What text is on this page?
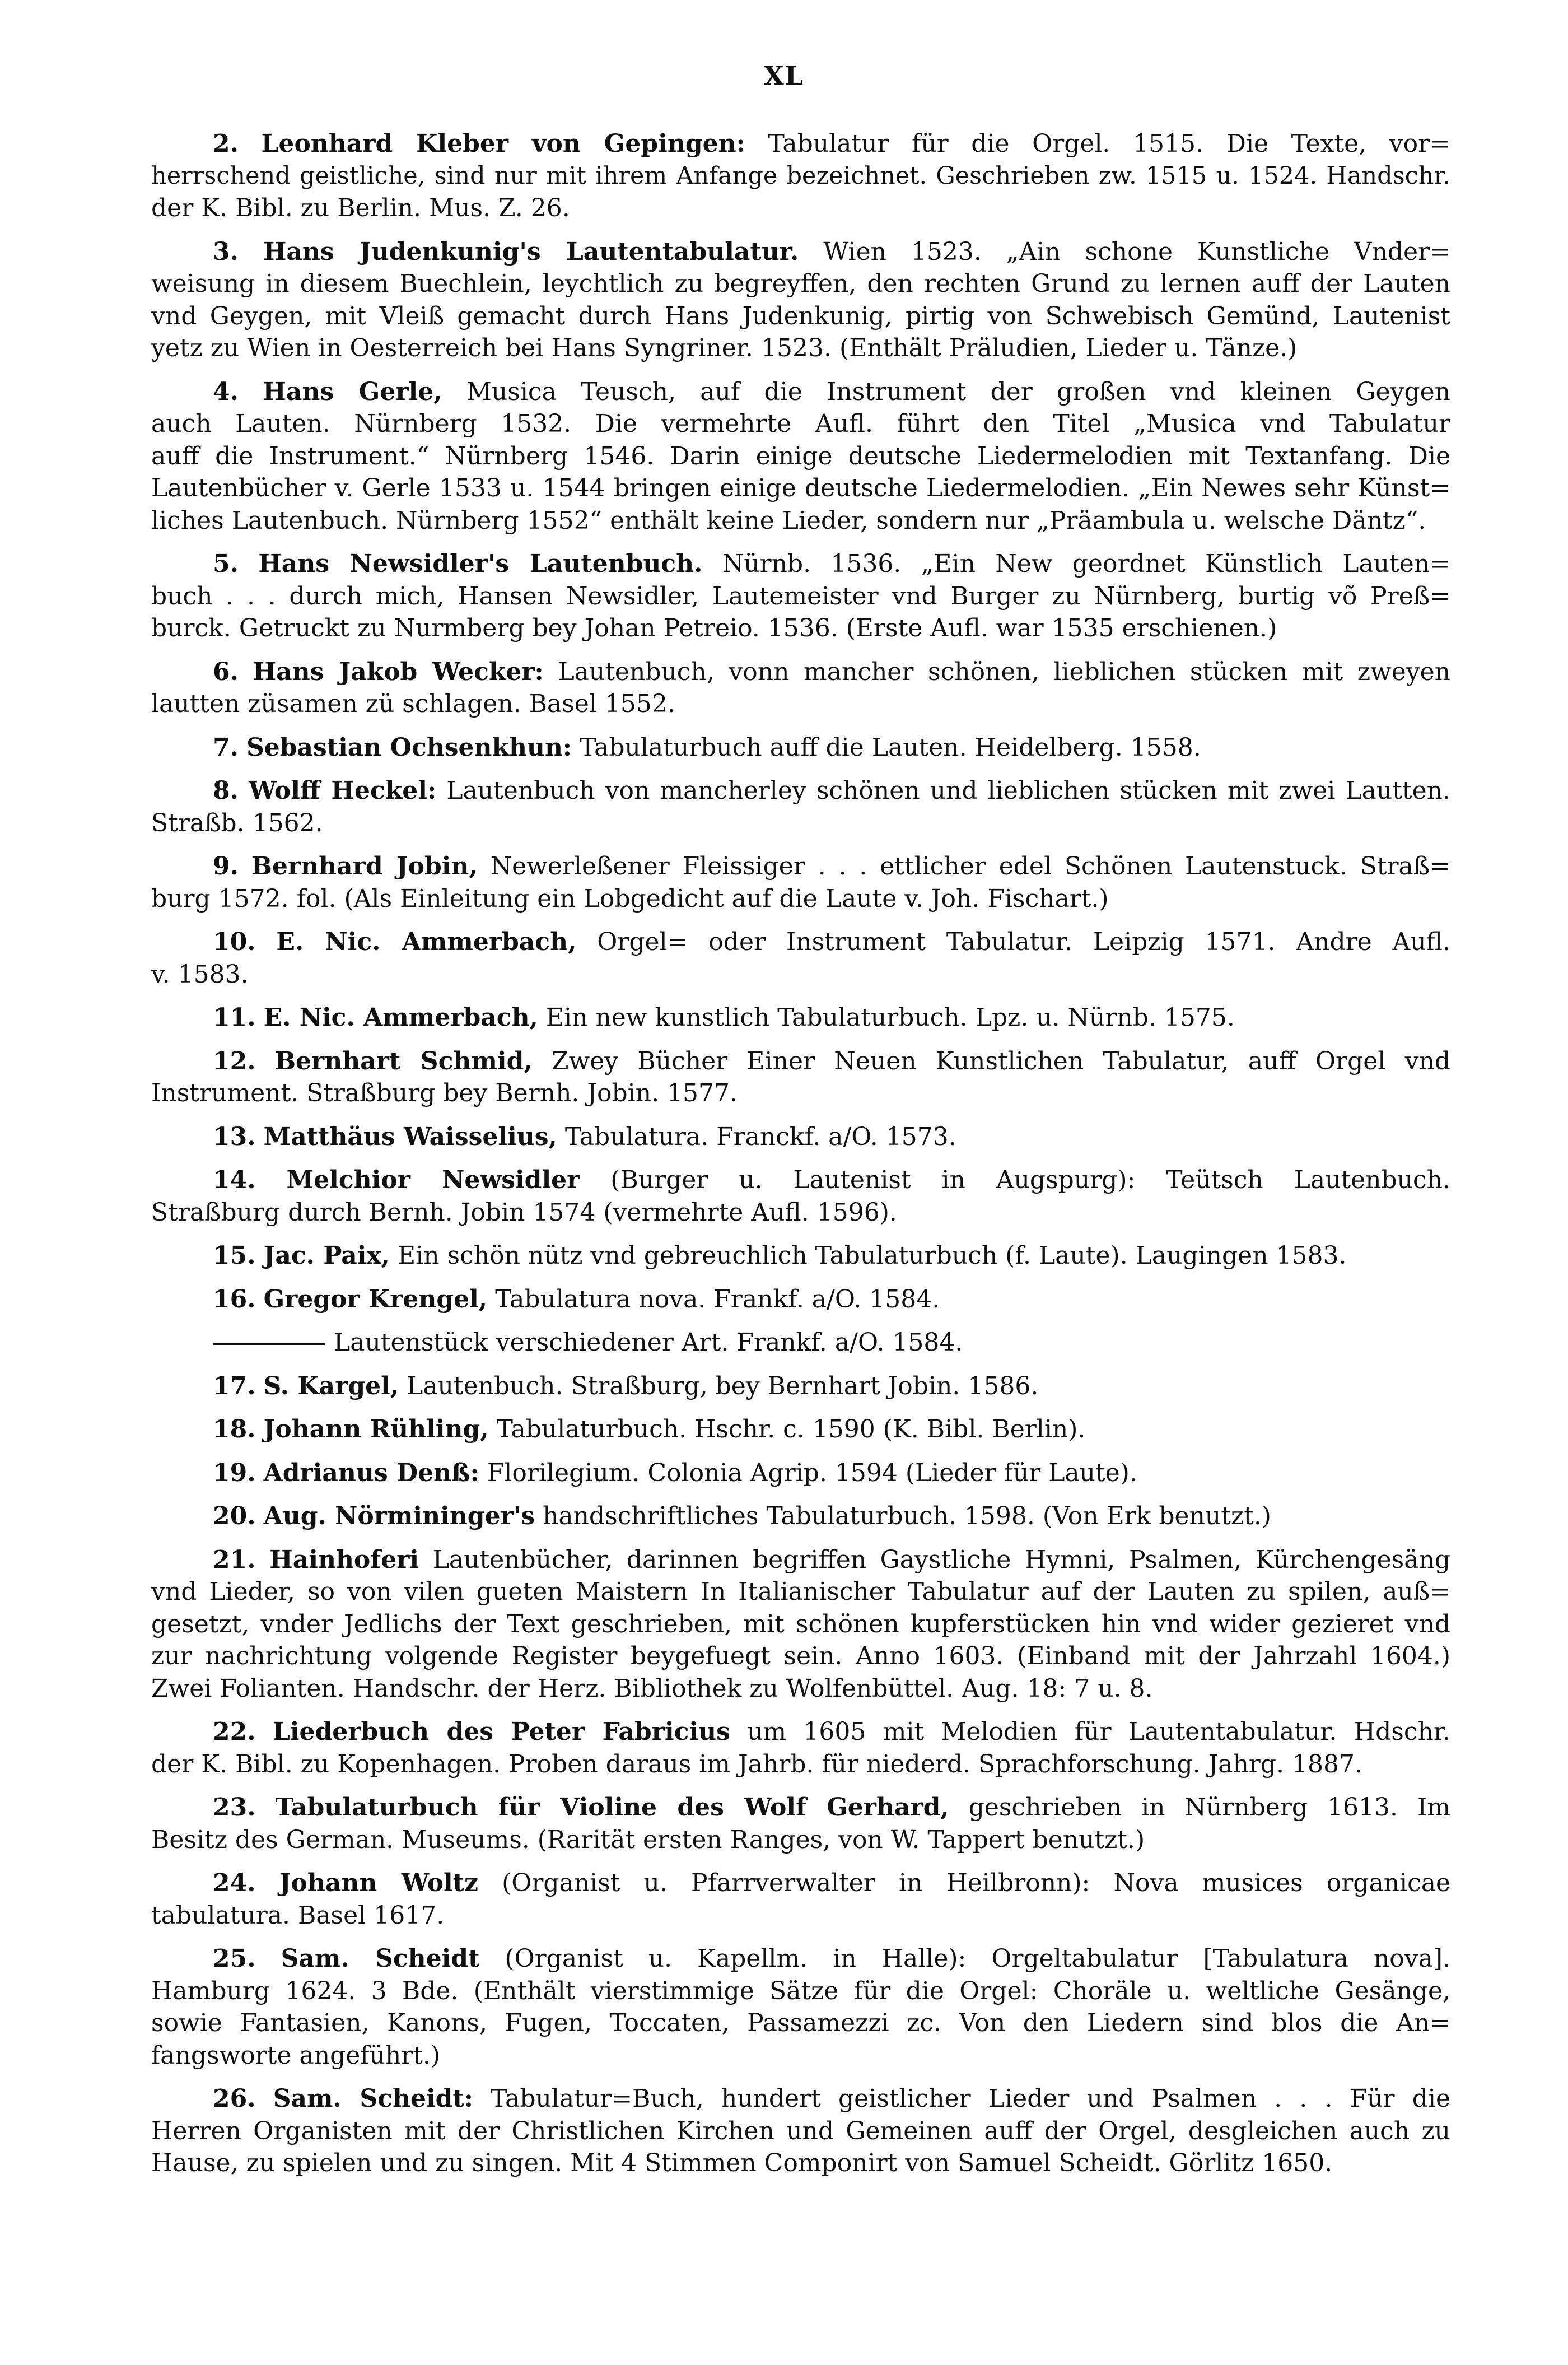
XL
2. Leonhard Kleber von Gepingen: Tabulatur für die Orgel. 1515. Die Texte, vor=
herrschend geistliche, sind nur mit ihrem Anfange bezeichnet. Geschrieben zw. 1515 u. 1524. Handschr.
der K. Bibl. zu Berlin. Mus. Z. 26.
3. Hans Judenkunig's Lautentabulatur. Wien 1523. „Ain schone Kunstliche Vnder=
weisung in diesem Buechlein, leychtlich zu begreyffen, den rechten Grund zu lernen auff der Lauten
vnd Geygen, mit Vleiß gemacht durch Hans Judenkunig, pirtig von Schwebisch Gemünd, Lautenist
yetz zu Wien in Oesterreich bei Hans Syngriner. 1523. (Enthält Präludien, Lieder u. Tänze.)
4. Hans Gerle, Musica Teusch, auf die Instrument der großen vnd kleinen Geygen
auch Lauten. Nürnberg 1532. Die vermehrte Aufl. führt den Titel „Musica vnd Tabulatur
auff die Instrument.“ Nürnberg 1546. Darin einige deutsche Liedermelodien mit Textanfang. Die
Lautenbücher v. Gerle 1533 u. 1544 bringen einige deutsche Liedermelodien. „Ein Newes sehr Künst=
liches Lautenbuch. Nürnberg 1552“ enthält keine Lieder, sondern nur „Präambula u. welsche Däntz“.
5. Hans Newsidler's Lautenbuch. Nürnb. 1536. „Ein New geordnet Künstlich Lauten=
buch . . . durch mich, Hansen Newsidler, Lautemeister vnd Burger zu Nürnberg, burtig võ Preß=
burck. Getruckt zu Nurmberg bey Johan Petreio. 1536. (Erste Aufl. war 1535 erschienen.)
6. Hans Jakob Wecker: Lautenbuch, vonn mancher schönen, lieblichen stücken mit zweyen
lautten züsamen zü schlagen. Basel 1552.
7. Sebastian Ochsenkhun: Tabulaturbuch auff die Lauten. Heidelberg. 1558.
8. Wolff Heckel: Lautenbuch von mancherley schönen und lieblichen stücken mit zwei Lautten.
Straßb. 1562.
9. Bernhard Jobin, Newerleßener Fleissiger . . . ettlicher edel Schönen Lautenstuck. Straß=
burg 1572. fol. (Als Einleitung ein Lobgedicht auf die Laute v. Joh. Fischart.)
10. E. Nic. Ammerbach, Orgel= oder Instrument Tabulatur. Leipzig 1571. Andre Aufl.
v. 1583.
11. E. Nic. Ammerbach, Ein new kunstlich Tabulaturbuch. Lpz. u. Nürnb. 1575.
12. Bernhart Schmid, Zwey Bücher Einer Neuen Kunstlichen Tabulatur, auff Orgel vnd
Instrument. Straßburg bey Bernh. Jobin. 1577.
13. Matthäus Waisselius, Tabulatura. Franckf. a/O. 1573.
14. Melchior Newsidler (Burger u. Lautenist in Augspurg): Teütsch Lautenbuch.
Straßburg durch Bernh. Jobin 1574 (vermehrte Aufl. 1596).
15. Jac. Paix, Ein schön nütz vnd gebreuchlich Tabulaturbuch (f. Laute). Laugingen 1583.
16. Gregor Krengel, Tabulatura nova. Frankf. a/O. 1584.
Lautenstück verschiedener Art. Frankf. a/O. 1584.
17. S. Kargel, Lautenbuch. Straßburg, bey Bernhart Jobin. 1586.
18. Johann Rühling, Tabulaturbuch. Hschr. c. 1590 (K. Bibl. Berlin).
19. Adrianus Denß: Florilegium. Colonia Agrip. 1594 (Lieder für Laute).
20. Aug. Nörmininger's handschriftliches Tabulaturbuch. 1598. (Von Erk benutzt.)
21. Hainhoferi Lautenbücher, darinnen begriffen Gaystliche Hymni, Psalmen, Kürchengesäng
vnd Lieder, so von vilen gueten Maistern In Italianischer Tabulatur auf der Lauten zu spilen, auß=
gesetzt, vnder Jedlichs der Text geschrieben, mit schönen kupferstücken hin vnd wider gezieret vnd
zur nachrichtung volgende Register beygefuegt sein. Anno 1603. (Einband mit der Jahrzahl 1604.)
Zwei Folianten. Handschr. der Herz. Bibliothek zu Wolfenbüttel. Aug. 18: 7 u. 8.
22. Liederbuch des Peter Fabricius um 1605 mit Melodien für Lautentabulatur. Hdschr.
der K. Bibl. zu Kopenhagen. Proben daraus im Jahrb. für niederd. Sprachforschung. Jahrg. 1887.
23. Tabulaturbuch für Violine des Wolf Gerhard, geschrieben in Nürnberg 1613. Im
Besitz des German. Museums. (Rarität ersten Ranges, von W. Tappert benutzt.)
24. Johann Woltz (Organist u. Pfarrverwalter in Heilbronn): Nova musices organicae
tabulatura. Basel 1617.
25. Sam. Scheidt (Organist u. Kapellm. in Halle): Orgeltabulatur [Tabulatura nova].
Hamburg 1624. 3 Bde. (Enthält vierstimmige Sätze für die Orgel: Choräle u. weltliche Gesänge,
sowie Fantasien, Kanons, Fugen, Toccaten, Passamezzi zc. Von den Liedern sind blos die An=
fangsworte angeführt.)
26. Sam. Scheidt: Tabulatur=Buch, hundert geistlicher Lieder und Psalmen . . . Für die
Herren Organisten mit der Christlichen Kirchen und Gemeinen auff der Orgel, desgleichen auch zu
Hause, zu spielen und zu singen. Mit 4 Stimmen Componirt von Samuel Scheidt. Görlitz 1650.
